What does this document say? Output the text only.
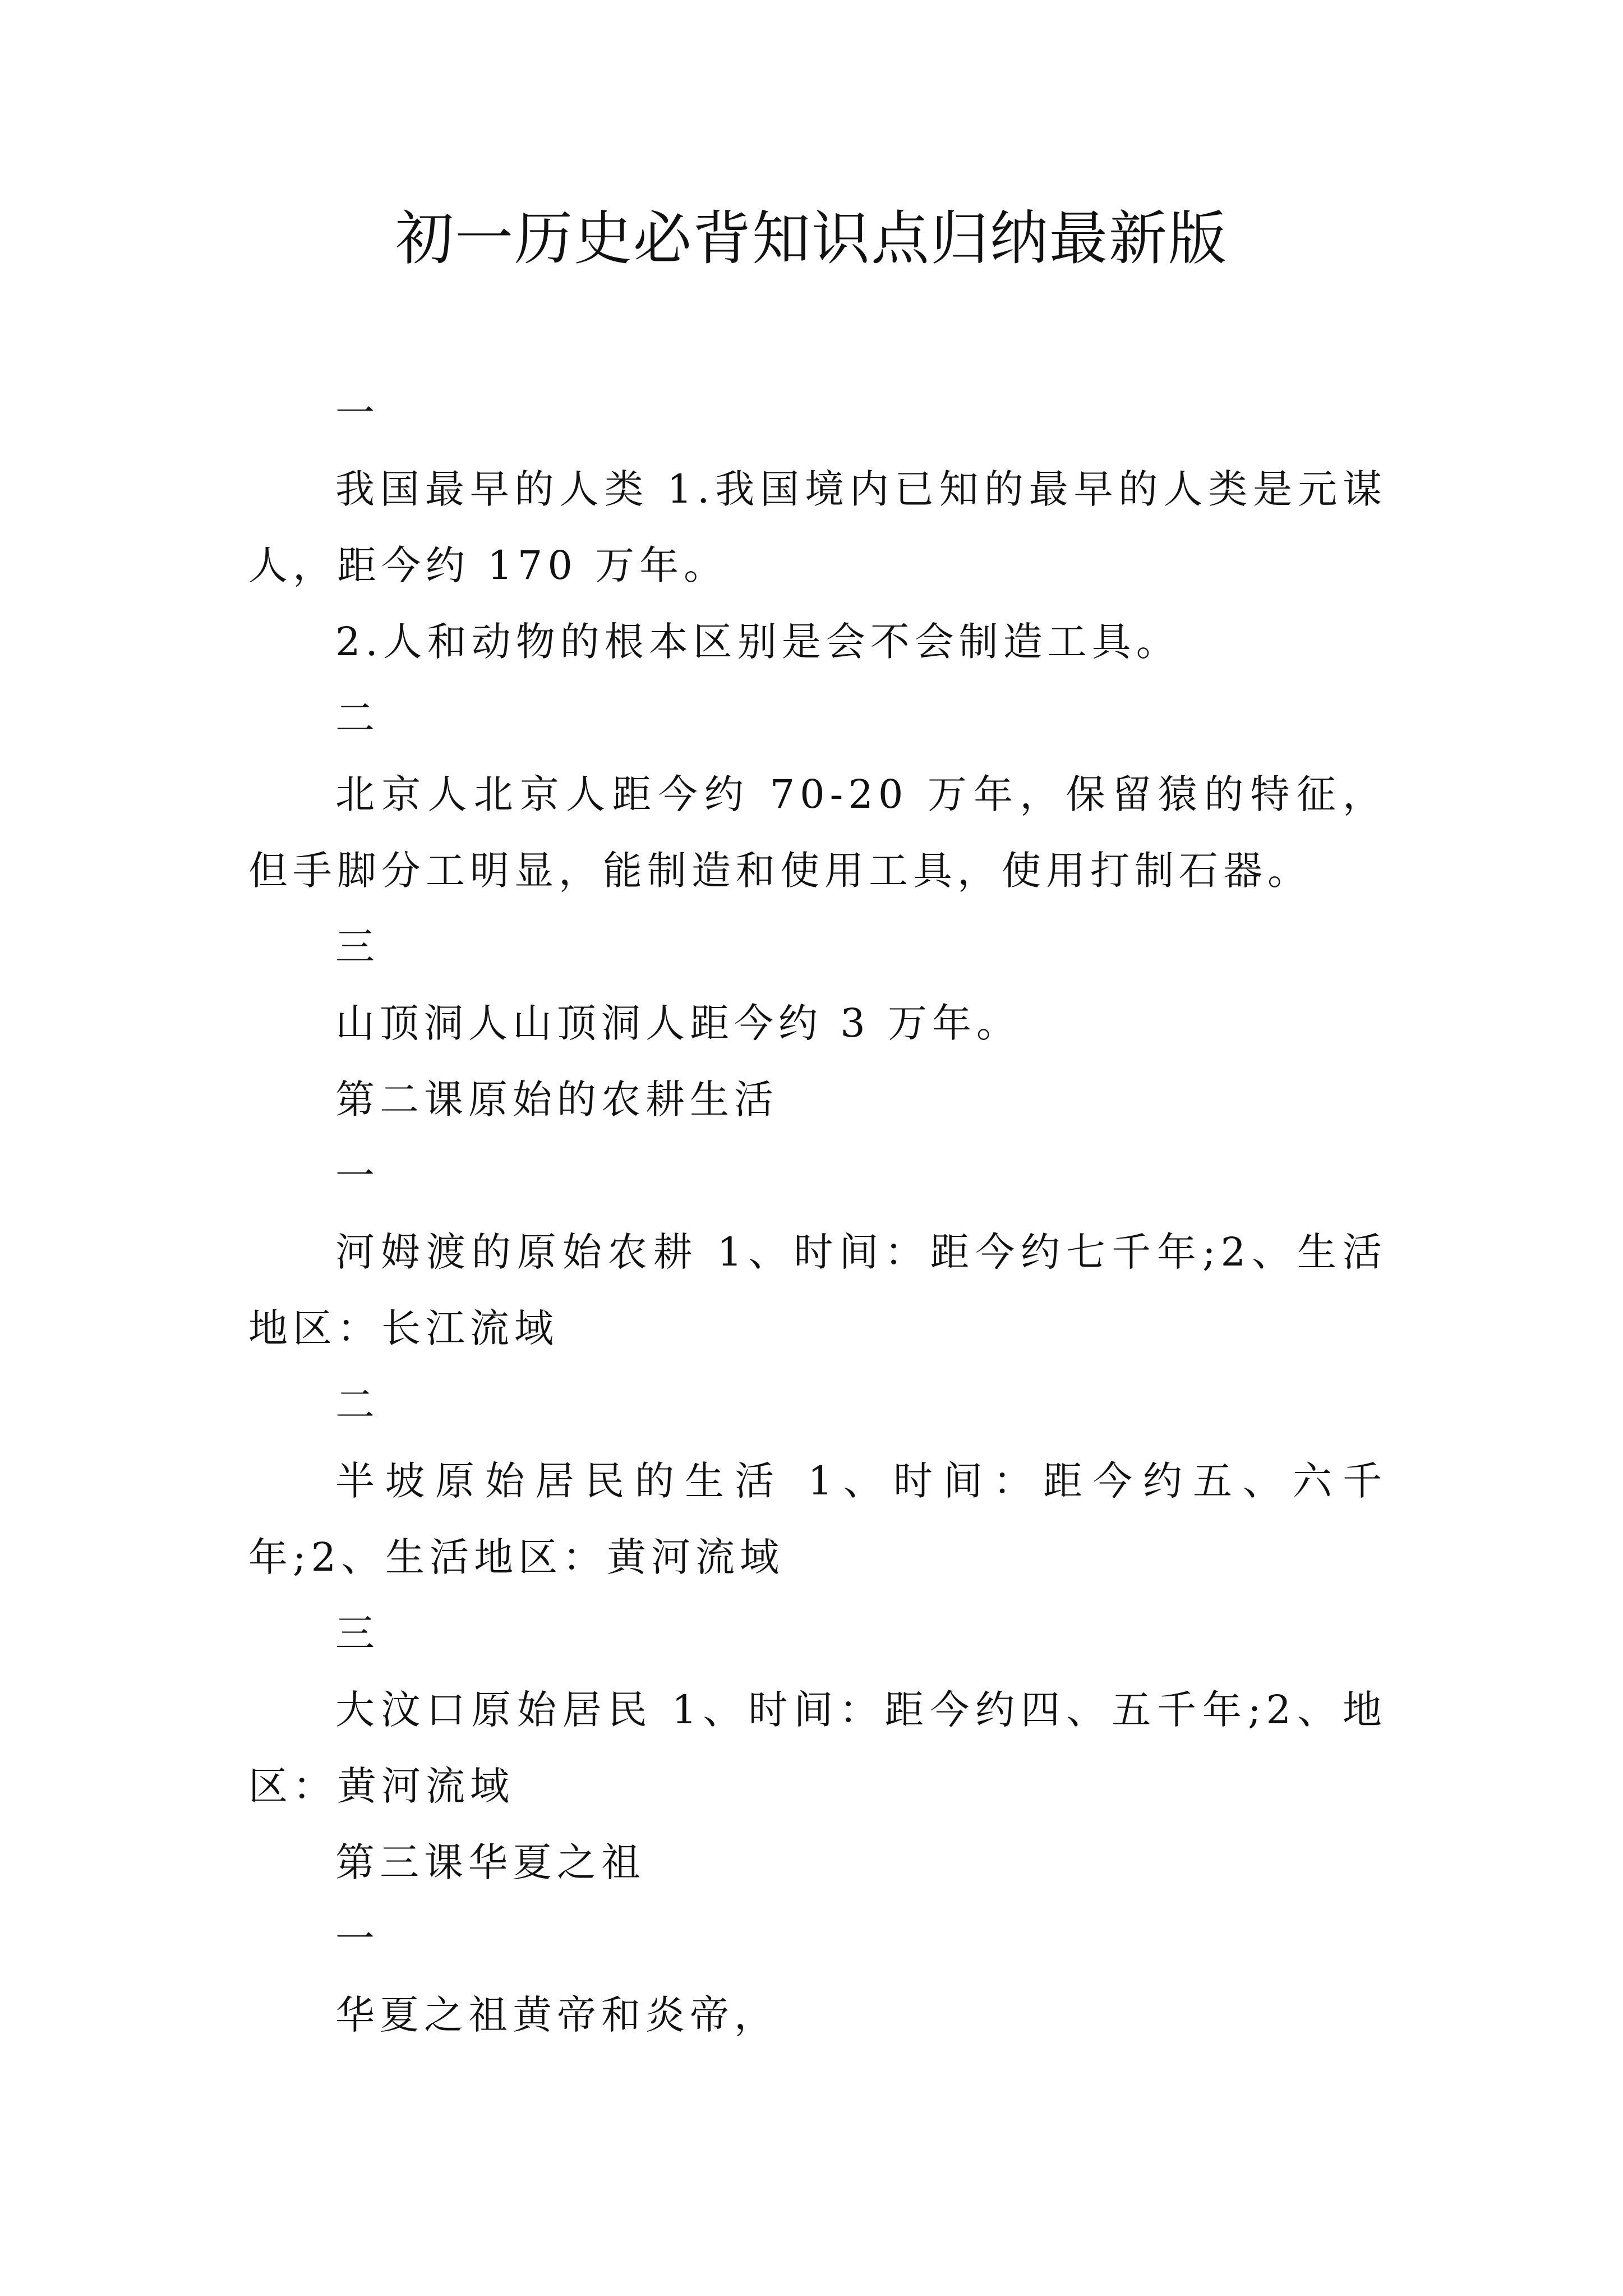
初一历史必背知识点归纳最新版

一

我国最早的人类 1.我国境内已知的最早的人类是元谋人，距今约 170 万年。

2.人和动物的根本区别是会不会制造工具。

二

北京人北京人距今约 70-20 万年，保留猿的特征，但手脚分工明显，能制造和使用工具，使用打制石器。

三

山顶洞人山顶洞人距今约 3 万年。

第二课原始的农耕生活

一

河姆渡的原始农耕 1、时间：距今约七千年;2、生活地区：长江流域

二

半坡原始居民的生活 1、时间：距今约五、六千年;2、生活地区：黄河流域

三

大汶口原始居民 1、时间：距今约四、五千年;2、地区：黄河流域

第三课华夏之祖

一

华夏之祖黄帝和炎帝，
